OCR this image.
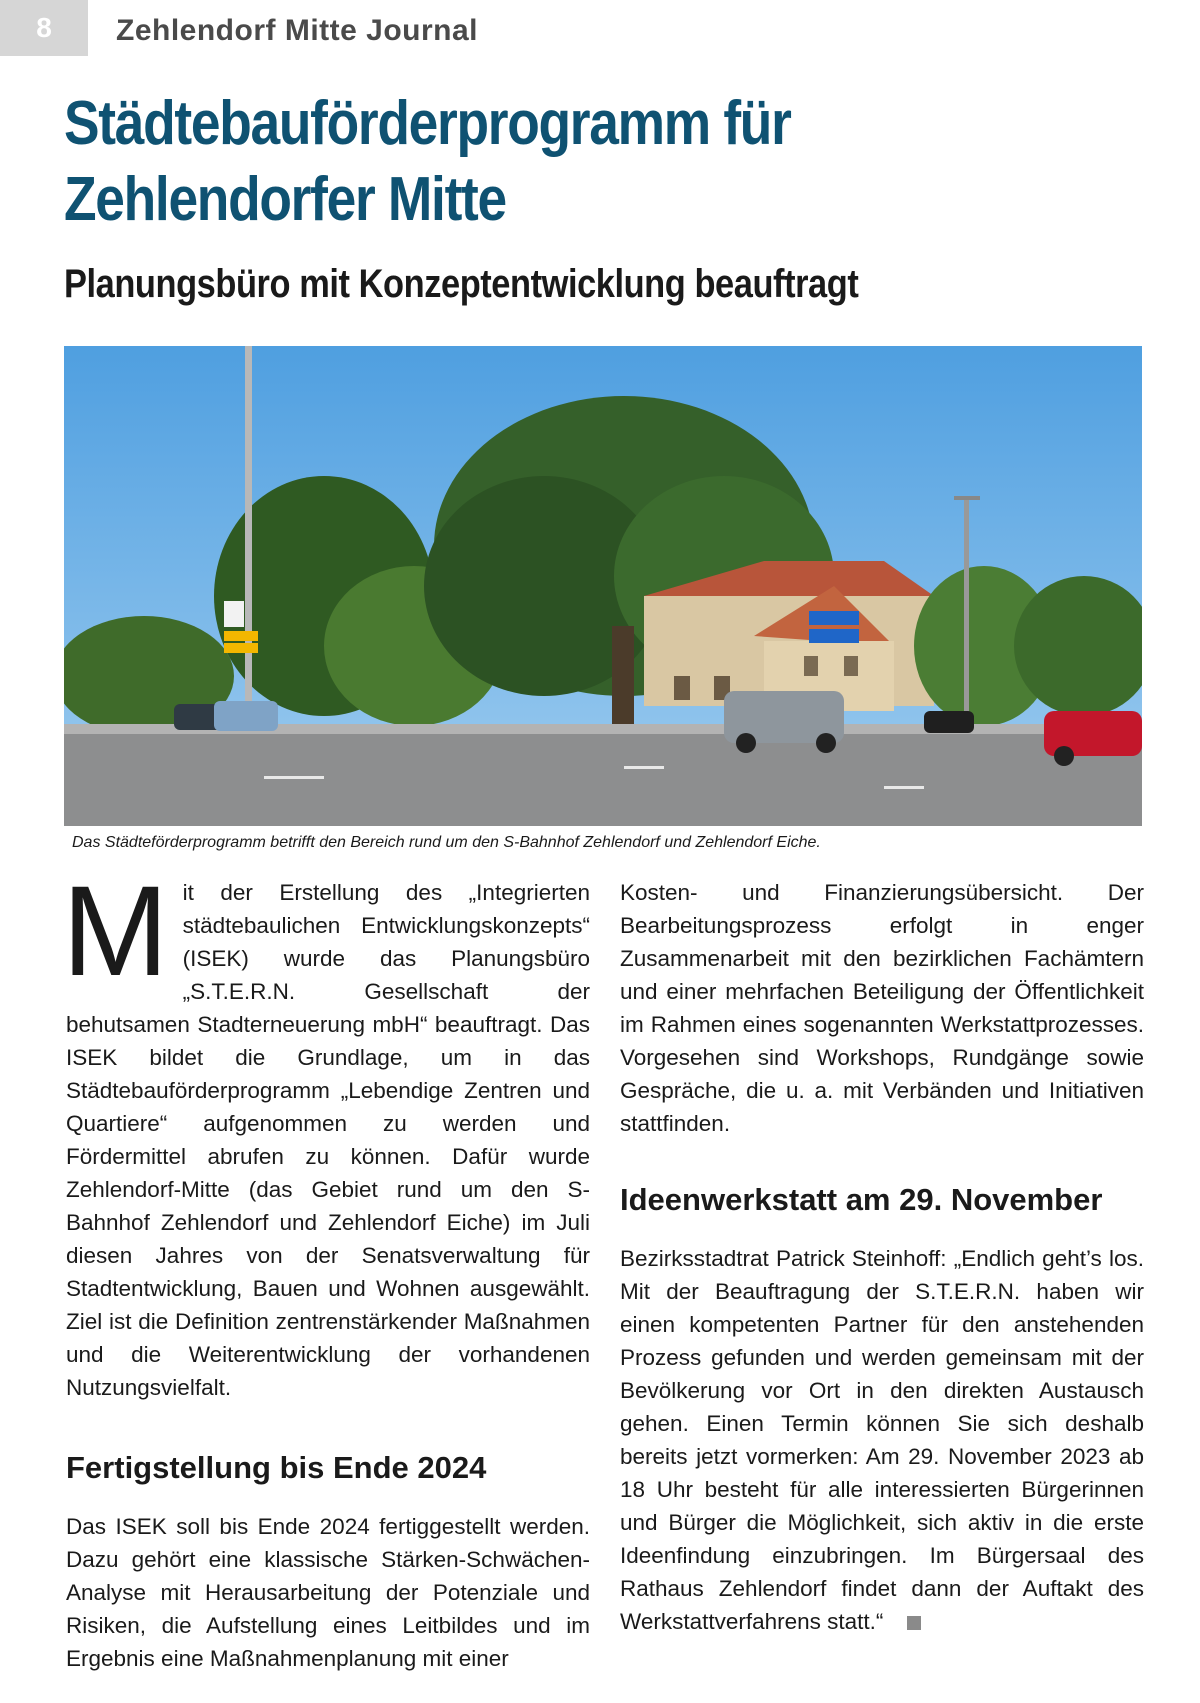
8	Zehlendorf Mitte Journal
Städtebauförderprogramm für
Zehlendorfer Mitte
Planungsbüro mit Konzeptentwicklung beauftragt
Das Städteförderprogramm betrifft den Bereich rund um den S-Bahnhof Zehlendorf und Zehlendorf Eiche.

Mit der Erstellung des „Integrierten städtebaulichen Entwicklungskonzepts“ (ISEK) wurde das Planungsbüro „S.T.E.R.N. Gesellschaft der behutsamen Stadterneuerung mbH“ beauftragt. Das ISEK bildet die Grundlage, um in das Städtebauförderprogramm „Lebendige Zentren und Quartiere“ aufgenommen zu werden und Fördermittel abrufen zu können. Dafür wurde Zehlendorf-Mitte (das Gebiet rund um den S-Bahnhof Zehlendorf und Zehlendorf Eiche) im Juli diesen Jahres von der Senatsverwaltung für Stadtentwicklung, Bauen und Wohnen ausgewählt. Ziel ist die Definition zentrenstärkender Maßnahmen und die Weiterentwicklung der vorhandenen Nutzungsvielfalt.

Fertigstellung bis Ende 2024

Das ISEK soll bis Ende 2024 fertiggestellt werden. Dazu gehört eine klassische Stärken-Schwächen-Analyse mit Herausarbeitung der Potenziale und Risiken, die Aufstellung eines Leitbildes und im Ergebnis eine Maßnahmenplanung mit einer

Kosten- und Finanzierungsübersicht. Der Bearbeitungsprozess erfolgt in enger Zusammenarbeit mit den bezirklichen Fachämtern und einer mehrfachen Beteiligung der Öffentlichkeit im Rahmen eines sogenannten Werkstattprozesses. Vorgesehen sind Workshops, Rundgänge sowie Gespräche, die u. a. mit Verbänden und Initiativen stattfinden.

Ideenwerkstatt am 29. November

Bezirksstadtrat Patrick Steinhoff: „Endlich geht’s los. Mit der Beauftragung der S.T.E.R.N. haben wir einen kompetenten Partner für den anstehenden Prozess gefunden und werden gemeinsam mit der Bevölkerung vor Ort in den direkten Austausch gehen. Einen Termin können Sie sich deshalb bereits jetzt vormerken: Am 29. November 2023 ab 18 Uhr besteht für alle interessierten Bürgerinnen und Bürger die Möglichkeit, sich aktiv in die erste Ideenfindung einzubringen. Im Bürgersaal des Rathaus Zehlendorf findet dann der Auftakt des Werkstattverfahrens statt.“
